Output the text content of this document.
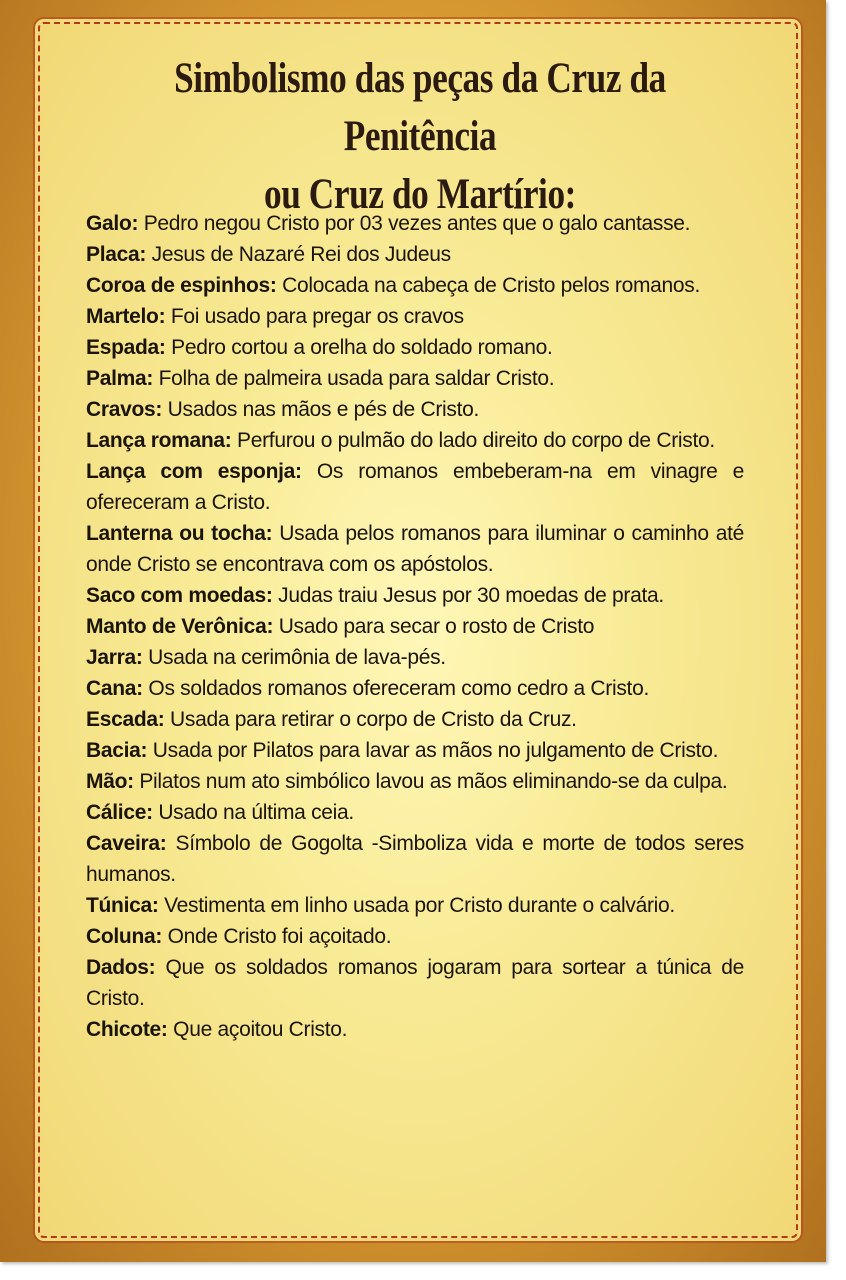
Simbolismo das peças da Cruz da Penitência
ou Cruz do Martírio:
Galo: Pedro negou Cristo por 03 vezes antes que o galo cantasse.
Placa: Jesus de Nazaré Rei dos Judeus
Coroa de espinhos: Colocada na cabeça de Cristo pelos romanos.
Martelo: Foi usado para pregar os cravos
Espada: Pedro cortou a orelha do soldado romano.
Palma: Folha de palmeira usada para saldar Cristo.
Cravos: Usados nas mãos e pés de Cristo.
Lança romana: Perfurou o pulmão do lado direito do corpo de Cristo.
Lança com esponja: Os romanos embeberam-na em vinagre e ofereceram a Cristo.
Lanterna ou tocha: Usada pelos romanos para iluminar o caminho até onde Cristo se encontrava com os apóstolos.
Saco com moedas: Judas traiu Jesus por 30 moedas de prata.
Manto de Verônica: Usado para secar o rosto de Cristo
Jarra: Usada na cerimônia de lava-pés.
Cana: Os soldados romanos ofereceram como cedro a Cristo.
Escada: Usada para retirar o corpo de Cristo da Cruz.
Bacia: Usada por Pilatos para lavar as mãos no julgamento de Cristo.
Mão: Pilatos num ato simbólico lavou as mãos eliminando-se da culpa.
Cálice: Usado na última ceia.
Caveira: Símbolo de Gogolta -Simboliza vida e morte de todos seres humanos.
Túnica: Vestimenta em linho usada por Cristo durante o calvário.
Coluna: Onde Cristo foi açoitado.
Dados: Que os soldados romanos jogaram para sortear a túnica de Cristo.
Chicote: Que açoitou Cristo.
